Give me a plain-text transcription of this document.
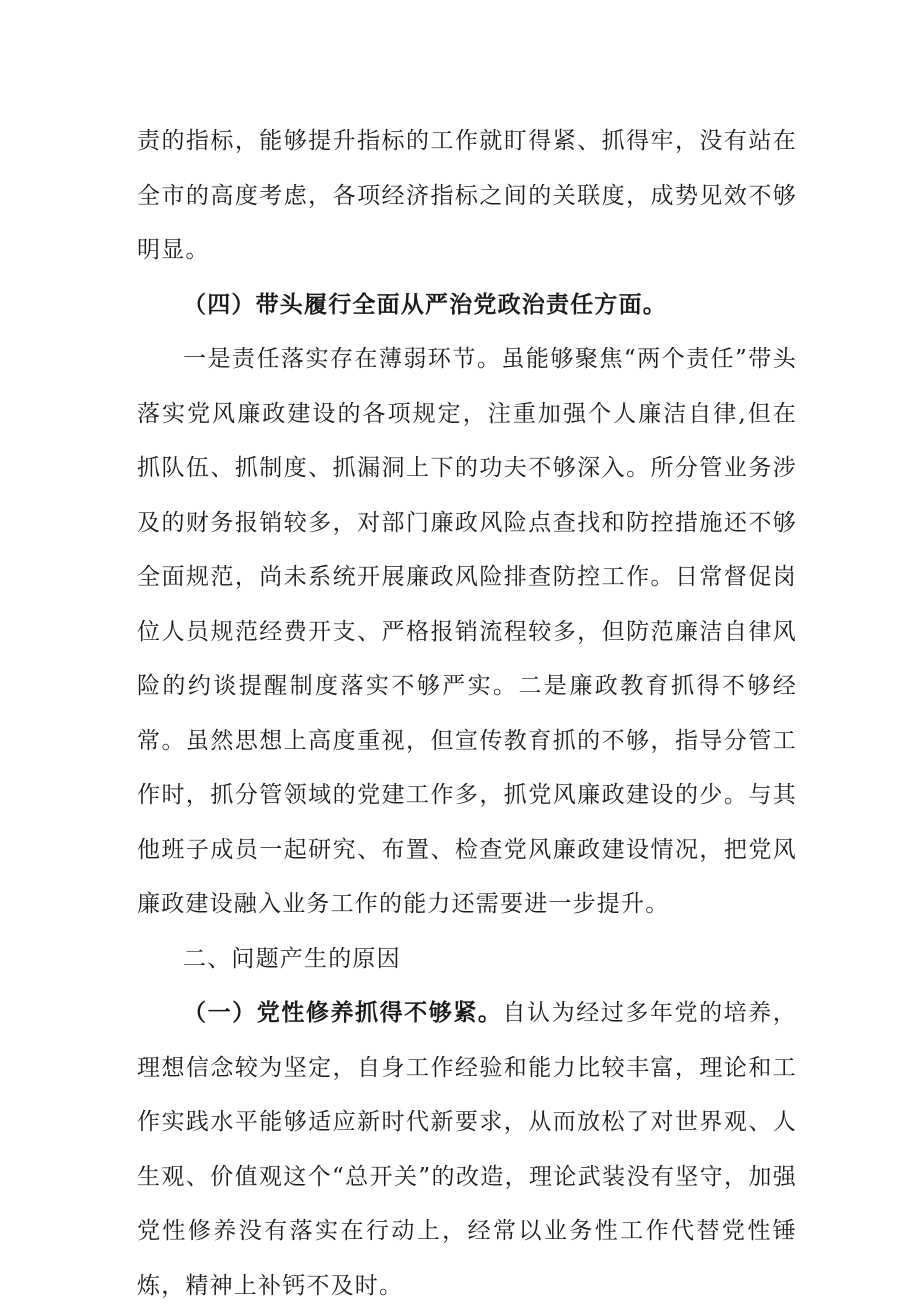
责的指标，能够提升指标的工作就盯得紧、抓得牢，没有站在全市的高度考虑，各项经济指标之间的关联度，成势见效不够明显。

（四）带头履行全面从严治党政治责任方面。

一是责任落实存在薄弱环节。虽能够聚焦“两个责任”带头落实党风廉政建设的各项规定，注重加强个人廉洁自律,但在抓队伍、抓制度、抓漏洞上下的功夫不够深入。所分管业务涉及的财务报销较多，对部门廉政风险点查找和防控措施还不够全面规范，尚未系统开展廉政风险排查防控工作。日常督促岗位人员规范经费开支、严格报销流程较多，但防范廉洁自律风险的约谈提醒制度落实不够严实。二是廉政教育抓得不够经常。虽然思想上高度重视，但宣传教育抓的不够，指导分管工作时，抓分管领域的党建工作多，抓党风廉政建设的少。与其他班子成员一起研究、布置、检查党风廉政建设情况，把党风廉政建设融入业务工作的能力还需要进一步提升。

二、问题产生的原因

（一）党性修养抓得不够紧。自认为经过多年党的培养，理想信念较为坚定，自身工作经验和能力比较丰富，理论和工作实践水平能够适应新时代新要求，从而放松了对世界观、人生观、价值观这个“总开关”的改造，理论武装没有坚守，加强党性修养没有落实在行动上，经常以业务性工作代替党性锤炼，精神上补钙不及时。
